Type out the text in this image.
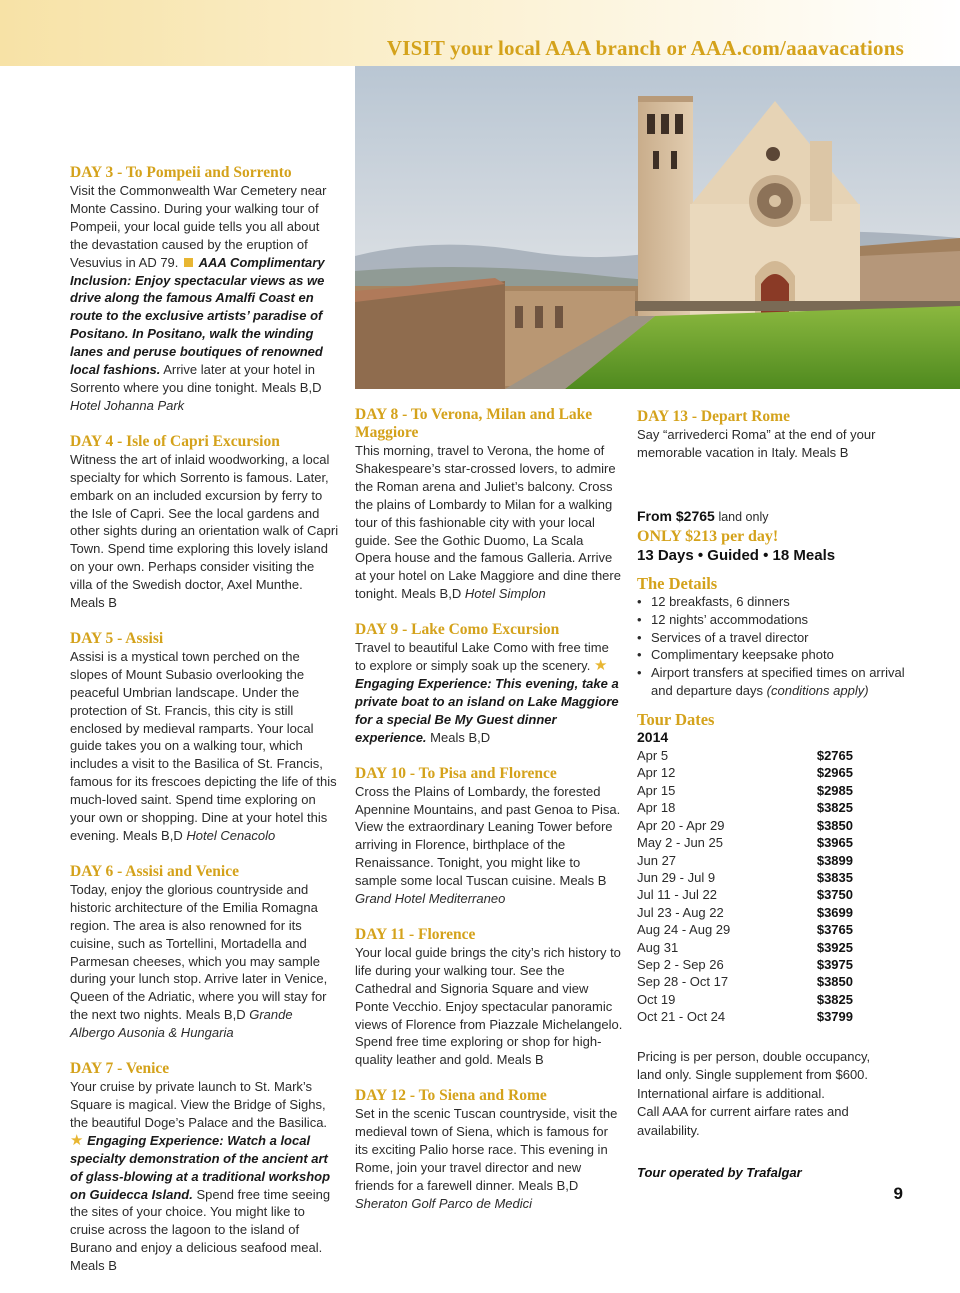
VISIT your local AAA branch or AAA.com/aaavacations
Assisi
DAY 3 - To Pompeii and Sorrento
Visit the Commonwealth War Cemetery near Monte Cassino. During your walking tour of Pompeii, your local guide tells you all about the devastation caused by the eruption of Vesuvius in AD 79. AAA Complimentary Inclusion: Enjoy spectacular views as we drive along the famous Amalfi Coast en route to the exclusive artists’ paradise of Positano. In Positano, walk the winding lanes and peruse boutiques of renowned local fashions. Arrive later at your hotel in Sorrento where you dine tonight. Meals B,D Hotel Johanna Park
DAY 4 - Isle of Capri Excursion
Witness the art of inlaid woodworking, a local specialty for which Sorrento is famous. Later, embark on an included excursion by ferry to the Isle of Capri. See the local gardens and other sights during an orientation walk of Capri Town. Spend time exploring this lovely island on your own. Perhaps consider visiting the villa of the Swedish doctor, Axel Munthe. Meals B
DAY 5 - Assisi
Assisi is a mystical town perched on the slopes of Mount Subasio overlooking the peaceful Umbrian landscape. Under the protection of St. Francis, this city is still enclosed by medieval ramparts. Your local guide takes you on a walking tour, which includes a visit to the Basilica of St. Francis, famous for its frescoes depicting the life of this much-loved saint. Spend time exploring on your own or shopping. Dine at your hotel this evening. Meals B,D Hotel Cenacolo
DAY 6 - Assisi and Venice
Today, enjoy the glorious countryside and historic architecture of the Emilia Romagna region. The area is also renowned for its cuisine, such as Tortellini, Mortadella and Parmesan cheeses, which you may sample during your lunch stop. Arrive later in Venice, Queen of the Adriatic, where you will stay for the next two nights. Meals B,D Grande Albergo Ausonia & Hungaria
DAY 7 - Venice
Your cruise by private launch to St. Mark’s Square is magical. View the Bridge of Sighs, the beautiful Doge’s Palace and the Basilica. ★ Engaging Experience: Watch a local specialty demonstration of the ancient art of glass-blowing at a traditional workshop on Guidecca Island. Spend free time seeing the sites of your choice. You might like to cruise across the lagoon to the island of Burano and enjoy a delicious seafood meal. Meals B
DAY 8 - To Verona, Milan and Lake Maggiore
This morning, travel to Verona, the home of Shakespeare’s star-crossed lovers, to admire the Roman arena and Juliet’s balcony. Cross the plains of Lombardy to Milan for a walking tour of this fashionable city with your local guide. See the Gothic Duomo, La Scala Opera house and the famous Galleria. Arrive at your hotel on Lake Maggiore and dine there tonight. Meals B,D Hotel Simplon
DAY 9 - Lake Como Excursion
Travel to beautiful Lake Como with free time to explore or simply soak up the scenery. ★ Engaging Experience: This evening, take a private boat to an island on Lake Maggiore for a special Be My Guest dinner experience. Meals B,D
DAY 10 - To Pisa and Florence
Cross the Plains of Lombardy, the forested Apennine Mountains, and past Genoa to Pisa. View the extraordinary Leaning Tower before arriving in Florence, birthplace of the Renaissance. Tonight, you might like to sample some local Tuscan cuisine. Meals B Grand Hotel Mediterraneo
DAY 11 - Florence
Your local guide brings the city’s rich history to life during your walking tour. See the Cathedral and Signoria Square and view Ponte Vecchio. Enjoy spectacular panoramic views of Florence from Piazzale Michelangelo. Spend free time exploring or shop for high-quality leather and gold. Meals B
DAY 12 - To Siena and Rome
Set in the scenic Tuscan countryside, visit the medieval town of Siena, which is famous for its exciting Palio horse race. This evening in Rome, join your travel director and new friends for a farewell dinner. Meals B,D Sheraton Golf Parco de Medici
DAY 13 - Depart Rome
Say “arrivederci Roma” at the end of your memorable vacation in Italy. Meals B
From $2765 land only
ONLY $213 per day!
13 Days • Guided • 18 Meals
The Details
• 12 breakfasts, 6 dinners
• 12 nights’ accommodations
• Services of a travel director
• Complimentary keepsake photo
• Airport transfers at specified times on arrival and departure days (conditions apply)
Tour Dates
2014
Apr 5	$2765
Apr 12	$2965
Apr 15	$2985
Apr 18	$3825
Apr 20 - Apr 29	$3850
May 2 - Jun 25	$3965
Jun 27	$3899
Jun 29 - Jul 9	$3835
Jul 11 - Jul 22	$3750
Jul 23 - Aug 22	$3699
Aug 24 - Aug 29	$3765
Aug 31	$3925
Sep 2 - Sep 26	$3975
Sep 28 - Oct 17	$3850
Oct 19	$3825
Oct 21 - Oct 24	$3799
Pricing is per person, double occupancy,
land only. Single supplement from $600.
International airfare is additional.
Call AAA for current airfare rates and availability.
Tour operated by Trafalgar
9
